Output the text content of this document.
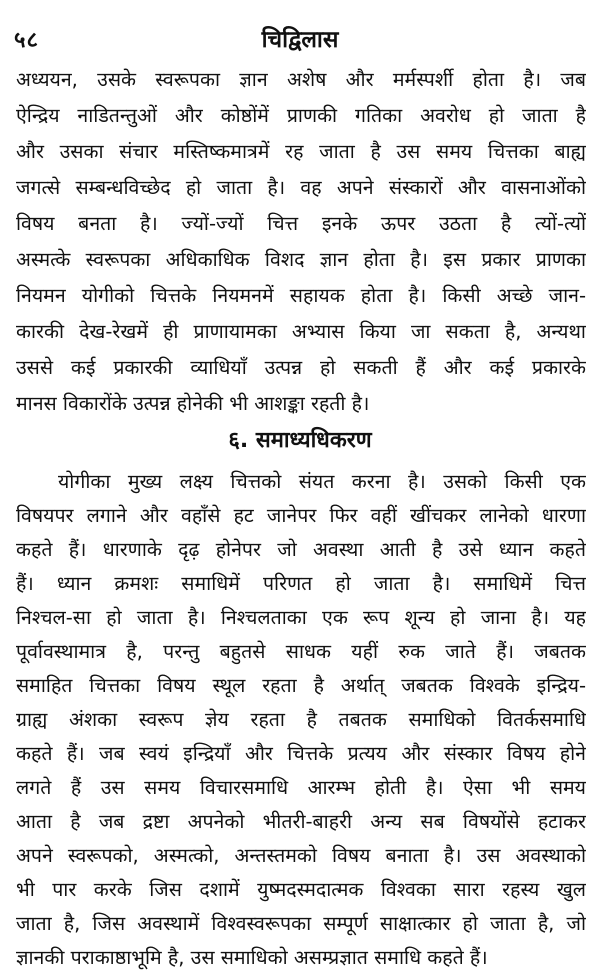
५८	चिद्विलास
अध्ययन, उसके स्वरूपका ज्ञान अशेष और मर्मस्पर्शी होता है। जब
ऐन्द्रिय नाडितन्तुओं और कोष्ठोंमें प्राणकी गतिका अवरोध हो जाता है
और उसका संचार मस्तिष्कमात्रमें रह जाता है उस समय चित्तका बाह्य
जगत्से सम्बन्धविच्छेद हो जाता है। वह अपने संस्कारों और वासनाओंको
विषय बनता है। ज्यों-ज्यों चित्त इनके ऊपर उठता है त्यों-त्यों
अस्मत्के स्वरूपका अधिकाधिक विशद ज्ञान होता है। इस प्रकार प्राणका
नियमन योगीको चित्तके नियमनमें सहायक होता है। किसी अच्छे जान-
कारकी देख-रेखमें ही प्राणायामका अभ्यास किया जा सकता है, अन्यथा
उससे कई प्रकारकी व्याधियाँ उत्पन्न हो सकती हैं और कई प्रकारके
मानस विकारोंके उत्पन्न होनेकी भी आशङ्का रहती है।
६. समाध्यधिकरण
योगीका मुख्य लक्ष्य चित्तको संयत करना है। उसको किसी एक
विषयपर लगाने और वहाँसे हट जानेपर फिर वहीं खींचकर लानेको धारणा
कहते हैं। धारणाके दृढ़ होनेपर जो अवस्था आती है उसे ध्यान कहते
हैं। ध्यान क्रमशः समाधिमें परिणत हो जाता है। समाधिमें चित्त
निश्चल-सा हो जाता है। निश्चलताका एक रूप शून्य हो जाना है। यह
पूर्वावस्थामात्र है, परन्तु बहुतसे साधक यहीं रुक जाते हैं। जबतक
समाहित चित्तका विषय स्थूल रहता है अर्थात् जबतक विश्वके इन्द्रिय-
ग्राह्य अंशका स्वरूप ज्ञेय रहता है तबतक समाधिको वितर्कसमाधि
कहते हैं। जब स्वयं इन्द्रियाँ और चित्तके प्रत्यय और संस्कार विषय होने
लगते हैं उस समय विचारसमाधि आरम्भ होती है। ऐसा भी समय
आता है जब द्रष्टा अपनेको भीतरी-बाहरी अन्य सब विषयोंसे हटाकर
अपने स्वरूपको, अस्मत्को, अन्तस्तमको विषय बनाता है। उस अवस्थाको
भी पार करके जिस दशामें युष्मदस्मदात्मक विश्वका सारा रहस्य खुल
जाता है, जिस अवस्थामें विश्वस्वरूपका सम्पूर्ण साक्षात्कार हो जाता है, जो
ज्ञानकी पराकाष्ठाभूमि है, उस समाधिको असम्प्रज्ञात समाधि कहते हैं।
